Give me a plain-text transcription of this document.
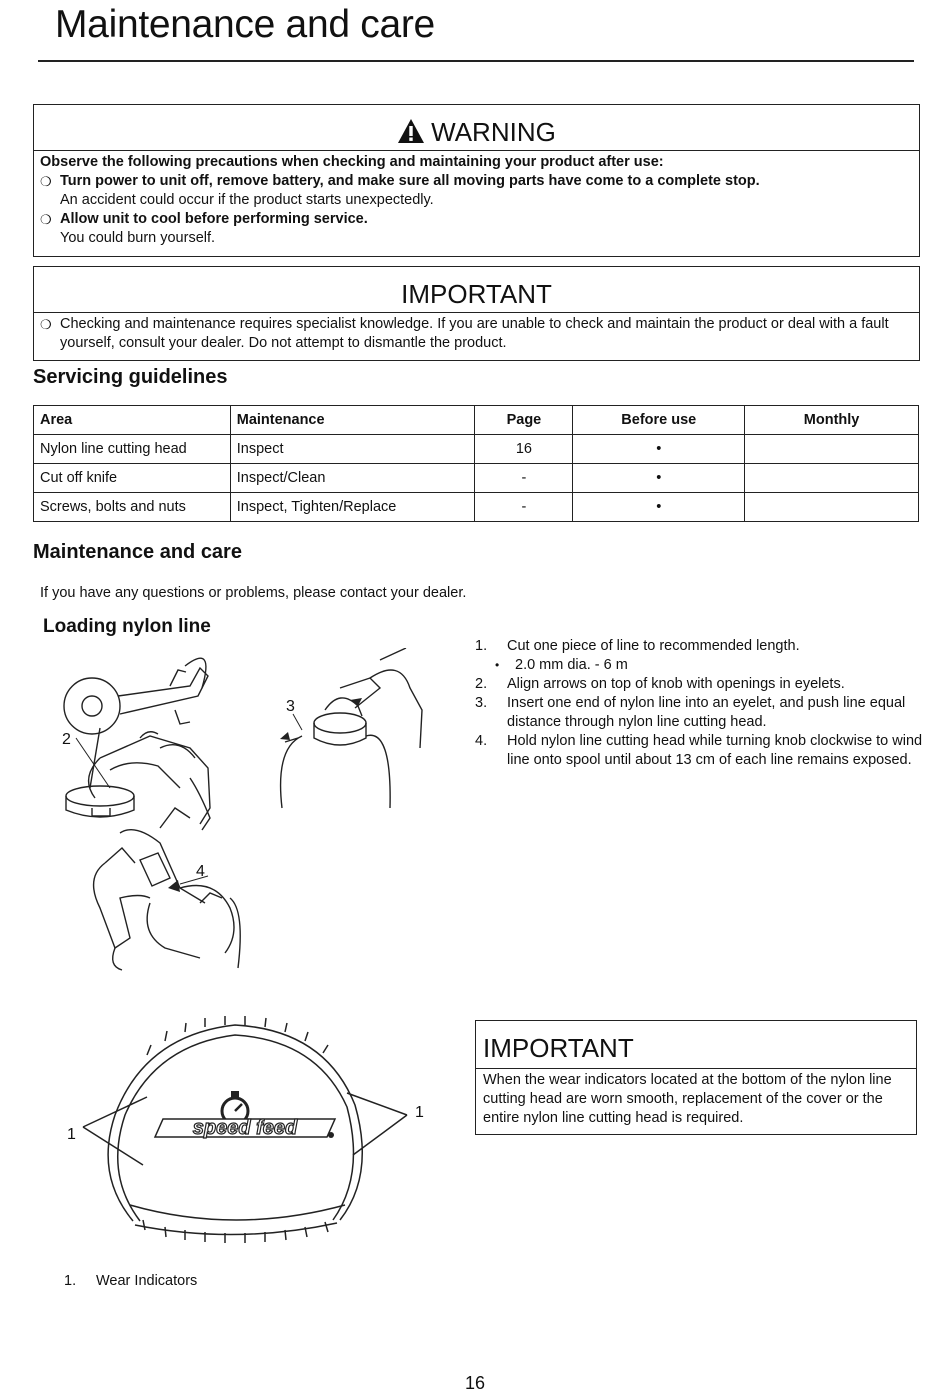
Maintenance and care
WARNING
Observe the following precautions when checking and maintaining your product after use:
❍ Turn power to unit off, remove battery, and make sure all moving parts have come to a complete stop.
An accident could occur if the product starts unexpectedly.
❍ Allow unit to cool before performing service.
You could burn yourself.
IMPORTANT
❍ Checking and maintenance requires specialist knowledge. If you are unable to check and maintain the product or deal with a fault yourself, consult your dealer. Do not attempt to dismantle the product.
Servicing guidelines
Area	Maintenance	Page	Before use	Monthly
Nylon line cutting head	Inspect	16	•	
Cut off knife	Inspect/Clean	-	•	
Screws, bolts and nuts	Inspect, Tighten/Replace	-	•	
Maintenance and care
If you have any questions or problems, please contact your dealer.
Loading nylon line
2
3
4
1.	Cut one piece of line to recommended length.
•	2.0 mm dia. - 6 m
2.	Align arrows on top of knob with openings in eyelets.
3.	Insert one end of nylon line into an eyelet, and push line equal distance through nylon line cutting head.
4.	Hold nylon line cutting head while turning knob clockwise to wind line onto spool until about 13 cm of each line remains exposed.
speed feed
1
1
IMPORTANT
When the wear indicators located at the bottom of the nylon line cutting head are worn smooth, replacement of the cover or the entire nylon line cutting head is required.
1.	Wear Indicators
16
